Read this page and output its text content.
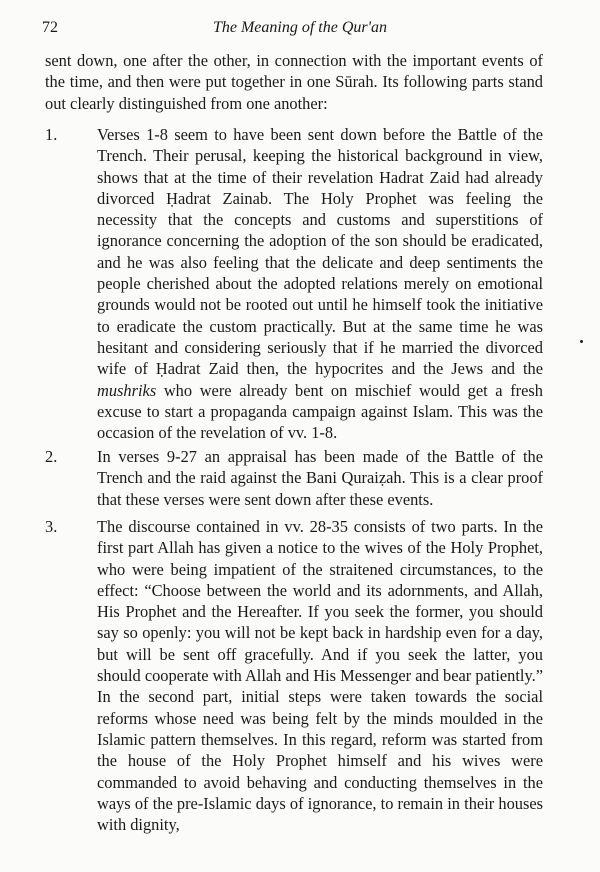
72	The Meaning of the Qur'an

sent down, one after the other, in connection with the important events of the time, and then were put together in one Sūrah. Its following parts stand out clearly distinguished from one another:

1. Verses 1-8 seem to have been sent down before the Battle of the Trench. Their perusal, keeping the historical background in view, shows that at the time of their revelation Hadrat Zaid had already divorced Ḥadrat Zainab. The Holy Prophet was feeling the necessity that the concepts and customs and superstitions of ignorance concerning the adoption of the son should be eradicated, and he was also feeling that the delicate and deep sentiments the people cherished about the adopted relations merely on emotional grounds would not be rooted out until he himself took the initiative to eradicate the custom practically. But at the same time he was hesitant and considering seriously that if he married the divorced wife of Ḥadrat Zaid then, the hypocrites and the Jews and the mushriks who were already bent on mischief would get a fresh excuse to start a propaganda campaign against Islam. This was the occasion of the revelation of vv. 1-8.

2. In verses 9-27 an appraisal has been made of the Battle of the Trench and the raid against the Bani Quraiẓah. This is a clear proof that these verses were sent down after these events.

3. The discourse contained in vv. 28-35 consists of two parts. In the first part Allah has given a notice to the wives of the Holy Prophet, who were being impatient of the straitened circumstances, to the effect: “Choose between the world and its adornments, and Allah, His Prophet and the Hereafter. If you seek the former, you should say so openly: you will not be kept back in hardship even for a day, but will be sent off gracefully. And if you seek the latter, you should cooperate with Allah and His Messenger and bear patiently.” In the second part, initial steps were taken towards the social reforms whose need was being felt by the minds moulded in the Islamic pattern themselves. In this regard, reform was started from the house of the Holy Prophet himself and his wives were commanded to avoid behaving and conducting themselves in the ways of the pre-Islamic days of ignorance, to remain in their houses with dignity,
